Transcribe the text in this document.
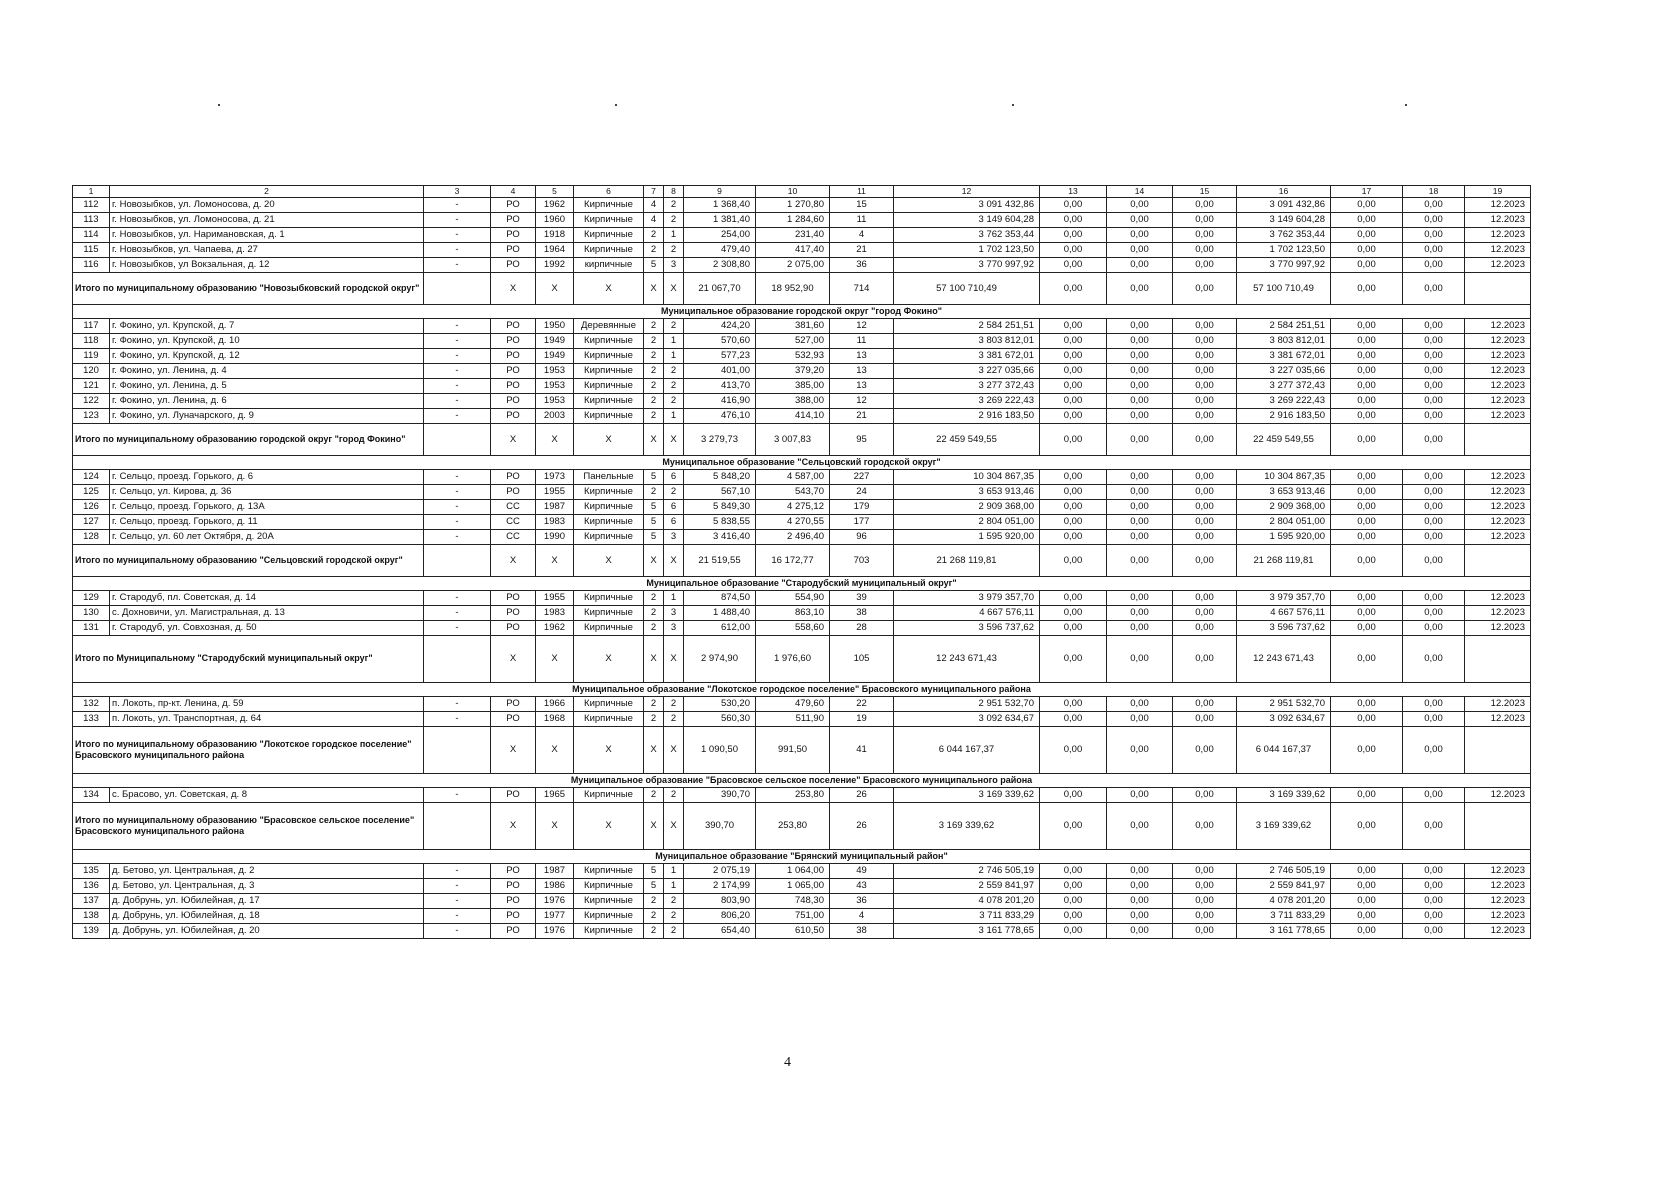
1	2	3	4	5	6	7	8	9	10	11	12	13	14	15	16	17	18	19
112	г. Новозыбков, ул. Ломоносова, д. 20	-	РО	1962	Кирпичные	4	2	1 368,40	1 270,80	15	3 091 432,86	0,00	0,00	0,00	3 091 432,86	0,00	0,00	12.2023
113	г. Новозыбков, ул. Ломоносова, д. 21	-	РО	1960	Кирпичные	4	2	1 381,40	1 284,60	11	3 149 604,28	0,00	0,00	0,00	3 149 604,28	0,00	0,00	12.2023
114	г. Новозыбков, ул. Наримановская, д. 1	-	РО	1918	Кирпичные	2	1	254,00	231,40	4	3 762 353,44	0,00	0,00	0,00	3 762 353,44	0,00	0,00	12.2023
115	г. Новозыбков, ул. Чапаева, д. 27	-	РО	1964	Кирпичные	2	2	479,40	417,40	21	1 702 123,50	0,00	0,00	0,00	1 702 123,50	0,00	0,00	12.2023
116	г. Новозыбков, ул Вокзальная, д. 12	-	РО	1992	кирпичные	5	3	2 308,80	2 075,00	36	3 770 997,92	0,00	0,00	0,00	3 770 997,92	0,00	0,00	12.2023
Итого по муниципальному образованию "Новозыбковский городской округ"			Х	Х	Х	Х	Х	21 067,70	18 952,90	714	57 100 710,49	0,00	0,00	0,00	57 100 710,49	0,00	0,00	
Муниципальное образование городской округ "город Фокино"																		
117	г. Фокино, ул. Крупской, д. 7	-	РО	1950	Деревянные	2	2	424,20	381,60	12	2 584 251,51	0,00	0,00	0,00	2 584 251,51	0,00	0,00	12.2023
118	г. Фокино, ул. Крупской, д. 10	-	РО	1949	Кирпичные	2	1	570,60	527,00	11	3 803 812,01	0,00	0,00	0,00	3 803 812,01	0,00	0,00	12.2023
119	г. Фокино, ул. Крупской, д. 12	-	РО	1949	Кирпичные	2	1	577,23	532,93	13	3 381 672,01	0,00	0,00	0,00	3 381 672,01	0,00	0,00	12.2023
120	г. Фокино, ул. Ленина, д. 4	-	РО	1953	Кирпичные	2	2	401,00	379,20	13	3 227 035,66	0,00	0,00	0,00	3 227 035,66	0,00	0,00	12.2023
121	г. Фокино, ул. Ленина, д. 5	-	РО	1953	Кирпичные	2	2	413,70	385,00	13	3 277 372,43	0,00	0,00	0,00	3 277 372,43	0,00	0,00	12.2023
122	г. Фокино, ул. Ленина, д. 6	-	РО	1953	Кирпичные	2	2	416,90	388,00	12	3 269 222,43	0,00	0,00	0,00	3 269 222,43	0,00	0,00	12.2023
123	г. Фокино, ул. Луначарского, д. 9	-	РО	2003	Кирпичные	2	1	476,10	414,10	21	2 916 183,50	0,00	0,00	0,00	2 916 183,50	0,00	0,00	12.2023
Итого по муниципальному образованию городской округ "город Фокино"			Х	Х	Х	Х	Х	3 279,73	3 007,83	95	22 459 549,55	0,00	0,00	0,00	22 459 549,55	0,00	0,00	
Муниципальное образование "Сельцовский городской округ"																		
124	г. Сельцо, проезд. Горького, д. 6	-	РО	1973	Панельные	5	6	5 848,20	4 587,00	227	10 304 867,35	0,00	0,00	0,00	10 304 867,35	0,00	0,00	12.2023
125	г. Сельцо, ул. Кирова, д. 36	-	РО	1955	Кирпичные	2	2	567,10	543,70	24	3 653 913,46	0,00	0,00	0,00	3 653 913,46	0,00	0,00	12.2023
126	г. Сельцо, проезд. Горького, д. 13А	-	СС	1987	Кирпичные	5	6	5 849,30	4 275,12	179	2 909 368,00	0,00	0,00	0,00	2 909 368,00	0,00	0,00	12.2023
127	г. Сельцо, проезд. Горького, д. 11	-	СС	1983	Кирпичные	5	6	5 838,55	4 270,55	177	2 804 051,00	0,00	0,00	0,00	2 804 051,00	0,00	0,00	12.2023
128	г. Сельцо, ул. 60 лет Октября, д. 20А	-	СС	1990	Кирпичные	5	3	3 416,40	2 496,40	96	1 595 920,00	0,00	0,00	0,00	1 595 920,00	0,00	0,00	12.2023
Итого по муниципальному образованию "Сельцовский городской округ"			Х	Х	Х	Х	Х	21 519,55	16 172,77	703	21 268 119,81	0,00	0,00	0,00	21 268 119,81	0,00	0,00	
Муниципальное образование "Стародубский муниципальный округ"																		
129	г. Стародуб, пл. Советская, д. 14	-	РО	1955	Кирпичные	2	1	874,50	554,90	39	3 979 357,70	0,00	0,00	0,00	3 979 357,70	0,00	0,00	12.2023
130	с. Дохновичи, ул. Магистральная, д. 13	-	РО	1983	Кирпичные	2	3	1 488,40	863,10	38	4 667 576,11	0,00	0,00	0,00	4 667 576,11	0,00	0,00	12.2023
131	г. Стародуб, ул. Совхозная, д. 50	-	РО	1962	Кирпичные	2	3	612,00	558,60	28	3 596 737,62	0,00	0,00	0,00	3 596 737,62	0,00	0,00	12.2023
Итого по Муниципальному "Стародубский муниципальный округ"			Х	Х	Х	Х	Х	2 974,90	1 976,60	105	12 243 671,43	0,00	0,00	0,00	12 243 671,43	0,00	0,00	
Муниципальное образование "Локотское городское поселение" Брасовского муниципального района																		
132	п. Локоть, пр-кт. Ленина, д. 59	-	РО	1966	Кирпичные	2	2	530,20	479,60	22	2 951 532,70	0,00	0,00	0,00	2 951 532,70	0,00	0,00	12.2023
133	п. Локоть, ул. Транспортная, д. 64	-	РО	1968	Кирпичные	2	2	560,30	511,90	19	3 092 634,67	0,00	0,00	0,00	3 092 634,67	0,00	0,00	12.2023
Итого по муниципальному образованию "Локотское городское поселение" Брасовского муниципального района			Х	Х	Х	Х	Х	1 090,50	991,50	41	6 044 167,37	0,00	0,00	0,00	6 044 167,37	0,00	0,00	
Муниципальное образование "Брасовское сельское поселение" Брасовского муниципального района																		
134	с. Брасово, ул. Советская, д. 8	-	РО	1965	Кирпичные	2	2	390,70	253,80	26	3 169 339,62	0,00	0,00	0,00	3 169 339,62	0,00	0,00	12.2023
Итого по муниципальному образованию "Брасовское сельское поселение" Брасовского муниципального района			Х	Х	Х	Х	Х	390,70	253,80	26	3 169 339,62	0,00	0,00	0,00	3 169 339,62	0,00	0,00	
Муниципальное образование "Брянский муниципальный район"																		
135	д. Бетово, ул. Центральная, д. 2	-	РО	1987	Кирпичные	5	1	2 075,19	1 064,00	49	2 746 505,19	0,00	0,00	0,00	2 746 505,19	0,00	0,00	12.2023
136	д. Бетово, ул. Центральная, д. 3	-	РО	1986	Кирпичные	5	1	2 174,99	1 065,00	43	2 559 841,97	0,00	0,00	0,00	2 559 841,97	0,00	0,00	12.2023
137	д. Добрунь, ул. Юбилейная, д. 17	-	РО	1976	Кирпичные	2	2	803,90	748,30	36	4 078 201,20	0,00	0,00	0,00	4 078 201,20	0,00	0,00	12.2023
138	д. Добрунь, ул. Юбилейная, д. 18	-	РО	1977	Кирпичные	2	2	806,20	751,00	4	3 711 833,29	0,00	0,00	0,00	3 711 833,29	0,00	0,00	12.2023
139	д. Добрунь, ул. Юбилейная, д. 20	-	РО	1976	Кирпичные	2	2	654,40	610,50	38	3 161 778,65	0,00	0,00	0,00	3 161 778,65	0,00	0,00	12.2023
4
